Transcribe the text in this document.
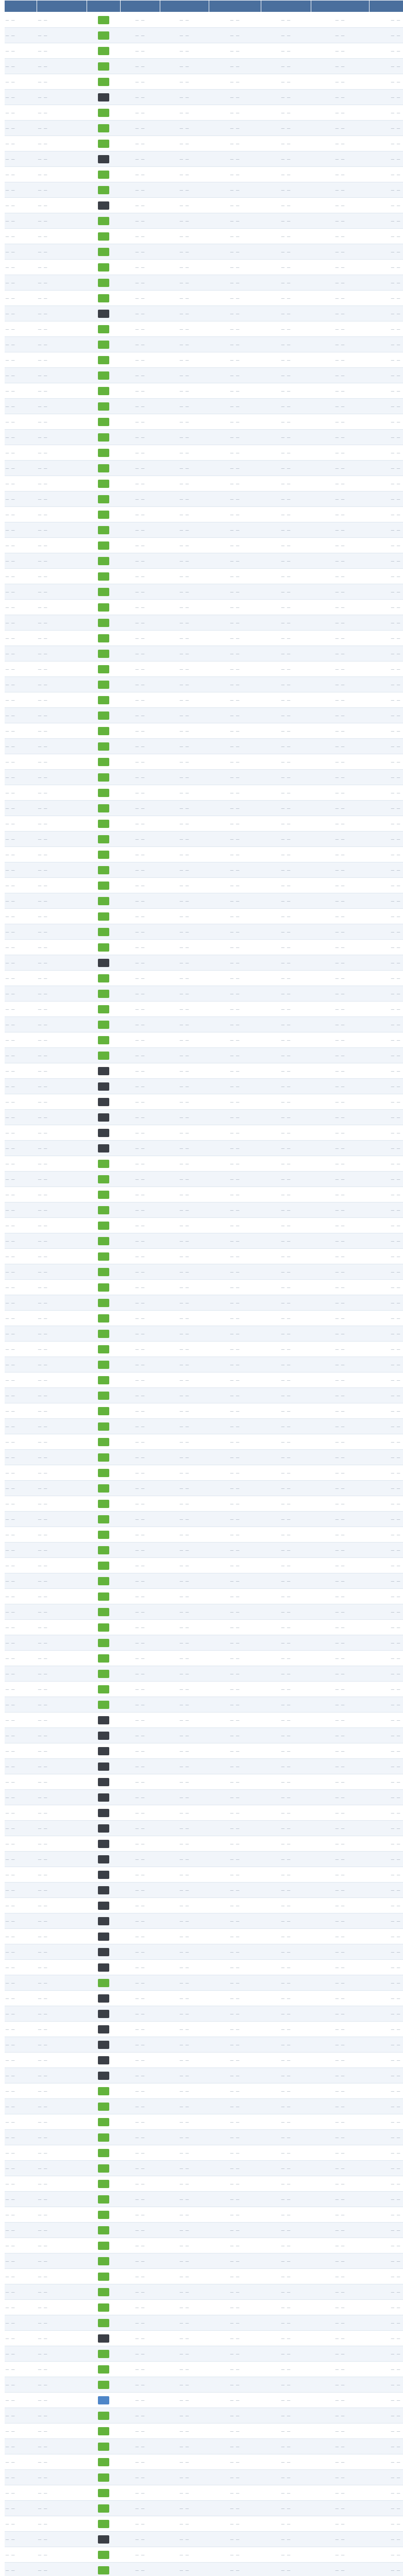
— —	— —		— —	— —	— —	— —	— —	— —
— —	— —		— —	— —	— —	— —	— —	— —
— —	— —		— —	— —	— —	— —	— —	— —
— —	— —		— —	— —	— —	— —	— —	— —
— —	— —		— —	— —	— —	— —	— —	— —
— —	— —		— —	— —	— —	— —	— —	— —
— —	— —		— —	— —	— —	— —	— —	— —
— —	— —		— —	— —	— —	— —	— —	— —
— —	— —		— —	— —	— —	— —	— —	— —
— —	— —		— —	— —	— —	— —	— —	— —
— —	— —		— —	— —	— —	— —	— —	— —
— —	— —		— —	— —	— —	— —	— —	— —
— —	— —		— —	— —	— —	— —	— —	— —
— —	— —		— —	— —	— —	— —	— —	— —
— —	— —		— —	— —	— —	— —	— —	— —
— —	— —		— —	— —	— —	— —	— —	— —
— —	— —		— —	— —	— —	— —	— —	— —
— —	— —		— —	— —	— —	— —	— —	— —
— —	— —		— —	— —	— —	— —	— —	— —
— —	— —		— —	— —	— —	— —	— —	— —
— —	— —		— —	— —	— —	— —	— —	— —
— —	— —		— —	— —	— —	— —	— —	— —
— —	— —		— —	— —	— —	— —	— —	— —
— —	— —		— —	— —	— —	— —	— —	— —
— —	— —		— —	— —	— —	— —	— —	— —
— —	— —		— —	— —	— —	— —	— —	— —
— —	— —		— —	— —	— —	— —	— —	— —
— —	— —		— —	— —	— —	— —	— —	— —
— —	— —		— —	— —	— —	— —	— —	— —
— —	— —		— —	— —	— —	— —	— —	— —
— —	— —		— —	— —	— —	— —	— —	— —
— —	— —		— —	— —	— —	— —	— —	— —
— —	— —		— —	— —	— —	— —	— —	— —
— —	— —		— —	— —	— —	— —	— —	— —
— —	— —		— —	— —	— —	— —	— —	— —
— —	— —		— —	— —	— —	— —	— —	— —
— —	— —		— —	— —	— —	— —	— —	— —
— —	— —		— —	— —	— —	— —	— —	— —
— —	— —		— —	— —	— —	— —	— —	— —
— —	— —		— —	— —	— —	— —	— —	— —
— —	— —		— —	— —	— —	— —	— —	— —
— —	— —		— —	— —	— —	— —	— —	— —
— —	— —		— —	— —	— —	— —	— —	— —
— —	— —		— —	— —	— —	— —	— —	— —
— —	— —		— —	— —	— —	— —	— —	— —
— —	— —		— —	— —	— —	— —	— —	— —
— —	— —		— —	— —	— —	— —	— —	— —
— —	— —		— —	— —	— —	— —	— —	— —
— —	— —		— —	— —	— —	— —	— —	— —
— —	— —		— —	— —	— —	— —	— —	— —
— —	— —		— —	— —	— —	— —	— —	— —
— —	— —		— —	— —	— —	— —	— —	— —
— —	— —		— —	— —	— —	— —	— —	— —
— —	— —		— —	— —	— —	— —	— —	— —
— —	— —		— —	— —	— —	— —	— —	— —
— —	— —		— —	— —	— —	— —	— —	— —
— —	— —		— —	— —	— —	— —	— —	— —
— —	— —		— —	— —	— —	— —	— —	— —
— —	— —		— —	— —	— —	— —	— —	— —
— —	— —		— —	— —	— —	— —	— —	— —
— —	— —		— —	— —	— —	— —	— —	— —
— —	— —		— —	— —	— —	— —	— —	— —
— —	— —		— —	— —	— —	— —	— —	— —
— —	— —		— —	— —	— —	— —	— —	— —
— —	— —		— —	— —	— —	— —	— —	— —
— —	— —		— —	— —	— —	— —	— —	— —
— —	— —		— —	— —	— —	— —	— —	— —
— —	— —		— —	— —	— —	— —	— —	— —
— —	— —		— —	— —	— —	— —	— —	— —
— —	— —		— —	— —	— —	— —	— —	— —
— —	— —		— —	— —	— —	— —	— —	— —
— —	— —		— —	— —	— —	— —	— —	— —
— —	— —		— —	— —	— —	— —	— —	— —
— —	— —		— —	— —	— —	— —	— —	— —
— —	— —		— —	— —	— —	— —	— —	— —
— —	— —		— —	— —	— —	— —	— —	— —
— —	— —		— —	— —	— —	— —	— —	— —
— —	— —		— —	— —	— —	— —	— —	— —
— —	— —		— —	— —	— —	— —	— —	— —
— —	— —		— —	— —	— —	— —	— —	— —
— —	— —		— —	— —	— —	— —	— —	— —
— —	— —		— —	— —	— —	— —	— —	— —
— —	— —		— —	— —	— —	— —	— —	— —
— —	— —		— —	— —	— —	— —	— —	— —
— —	— —		— —	— —	— —	— —	— —	— —
— —	— —		— —	— —	— —	— —	— —	— —
— —	— —		— —	— —	— —	— —	— —	— —
— —	— —		— —	— —	— —	— —	— —	— —
— —	— —		— —	— —	— —	— —	— —	— —
— —	— —		— —	— —	— —	— —	— —	— —
— —	— —		— —	— —	— —	— —	— —	— —
— —	— —		— —	— —	— —	— —	— —	— —
— —	— —		— —	— —	— —	— —	— —	— —
— —	— —		— —	— —	— —	— —	— —	— —
— —	— —		— —	— —	— —	— —	— —	— —
— —	— —		— —	— —	— —	— —	— —	— —
— —	— —		— —	— —	— —	— —	— —	— —
— —	— —		— —	— —	— —	— —	— —	— —
— —	— —		— —	— —	— —	— —	— —	— —
— —	— —		— —	— —	— —	— —	— —	— —
— —	— —		— —	— —	— —	— —	— —	— —
— —	— —		— —	— —	— —	— —	— —	— —
— —	— —		— —	— —	— —	— —	— —	— —
— —	— —		— —	— —	— —	— —	— —	— —
— —	— —		— —	— —	— —	— —	— —	— —
— —	— —		— —	— —	— —	— —	— —	— —
— —	— —		— —	— —	— —	— —	— —	— —
— —	— —		— —	— —	— —	— —	— —	— —
— —	— —		— —	— —	— —	— —	— —	— —
— —	— —		— —	— —	— —	— —	— —	— —
— —	— —		— —	— —	— —	— —	— —	— —
— —	— —		— —	— —	— —	— —	— —	— —
— —	— —		— —	— —	— —	— —	— —	— —
— —	— —		— —	— —	— —	— —	— —	— —
— —	— —		— —	— —	— —	— —	— —	— —
— —	— —		— —	— —	— —	— —	— —	— —
— —	— —		— —	— —	— —	— —	— —	— —
— —	— —		— —	— —	— —	— —	— —	— —
— —	— —		— —	— —	— —	— —	— —	— —
— —	— —		— —	— —	— —	— —	— —	— —
— —	— —		— —	— —	— —	— —	— —	— —
— —	— —		— —	— —	— —	— —	— —	— —
— —	— —		— —	— —	— —	— —	— —	— —
— —	— —		— —	— —	— —	— —	— —	— —
— —	— —		— —	— —	— —	— —	— —	— —
— —	— —		— —	— —	— —	— —	— —	— —
— —	— —		— —	— —	— —	— —	— —	— —
— —	— —		— —	— —	— —	— —	— —	— —
— —	— —		— —	— —	— —	— —	— —	— —
— —	— —		— —	— —	— —	— —	— —	— —
— —	— —		— —	— —	— —	— —	— —	— —
— —	— —		— —	— —	— —	— —	— —	— —
— —	— —		— —	— —	— —	— —	— —	— —
— —	— —		— —	— —	— —	— —	— —	— —
— —	— —		— —	— —	— —	— —	— —	— —
— —	— —		— —	— —	— —	— —	— —	— —
— —	— —		— —	— —	— —	— —	— —	— —
— —	— —		— —	— —	— —	— —	— —	— —
— —	— —		— —	— —	— —	— —	— —	— —
— —	— —		— —	— —	— —	— —	— —	— —
— —	— —		— —	— —	— —	— —	— —	— —
— —	— —		— —	— —	— —	— —	— —	— —
— —	— —		— —	— —	— —	— —	— —	— —
— —	— —		— —	— —	— —	— —	— —	— —
— —	— —		— —	— —	— —	— —	— —	— —
— —	— —		— —	— —	— —	— —	— —	— —
— —	— —		— —	— —	— —	— —	— —	— —
— —	— —		— —	— —	— —	— —	— —	— —
— —	— —		— —	— —	— —	— —	— —	— —
— —	— —		— —	— —	— —	— —	— —	— —
— —	— —		— —	— —	— —	— —	— —	— —
— —	— —		— —	— —	— —	— —	— —	— —
— —	— —		— —	— —	— —	— —	— —	— —
— —	— —		— —	— —	— —	— —	— —	— —
— —	— —		— —	— —	— —	— —	— —	— —
— —	— —		— —	— —	— —	— —	— —	— —
— —	— —		— —	— —	— —	— —	— —	— —
— —	— —		— —	— —	— —	— —	— —	— —
— —	— —		— —	— —	— —	— —	— —	— —
— —	— —		— —	— —	— —	— —	— —	— —
— —	— —		— —	— —	— —	— —	— —	— —
— —	— —		— —	— —	— —	— —	— —	— —
— —	— —		— —	— —	— —	— —	— —	— —
— —	— —		— —	— —	— —	— —	— —	— —
— —	— —		— —	— —	— —	— —	— —	— —
— —	— —		— —	— —	— —	— —	— —	— —
